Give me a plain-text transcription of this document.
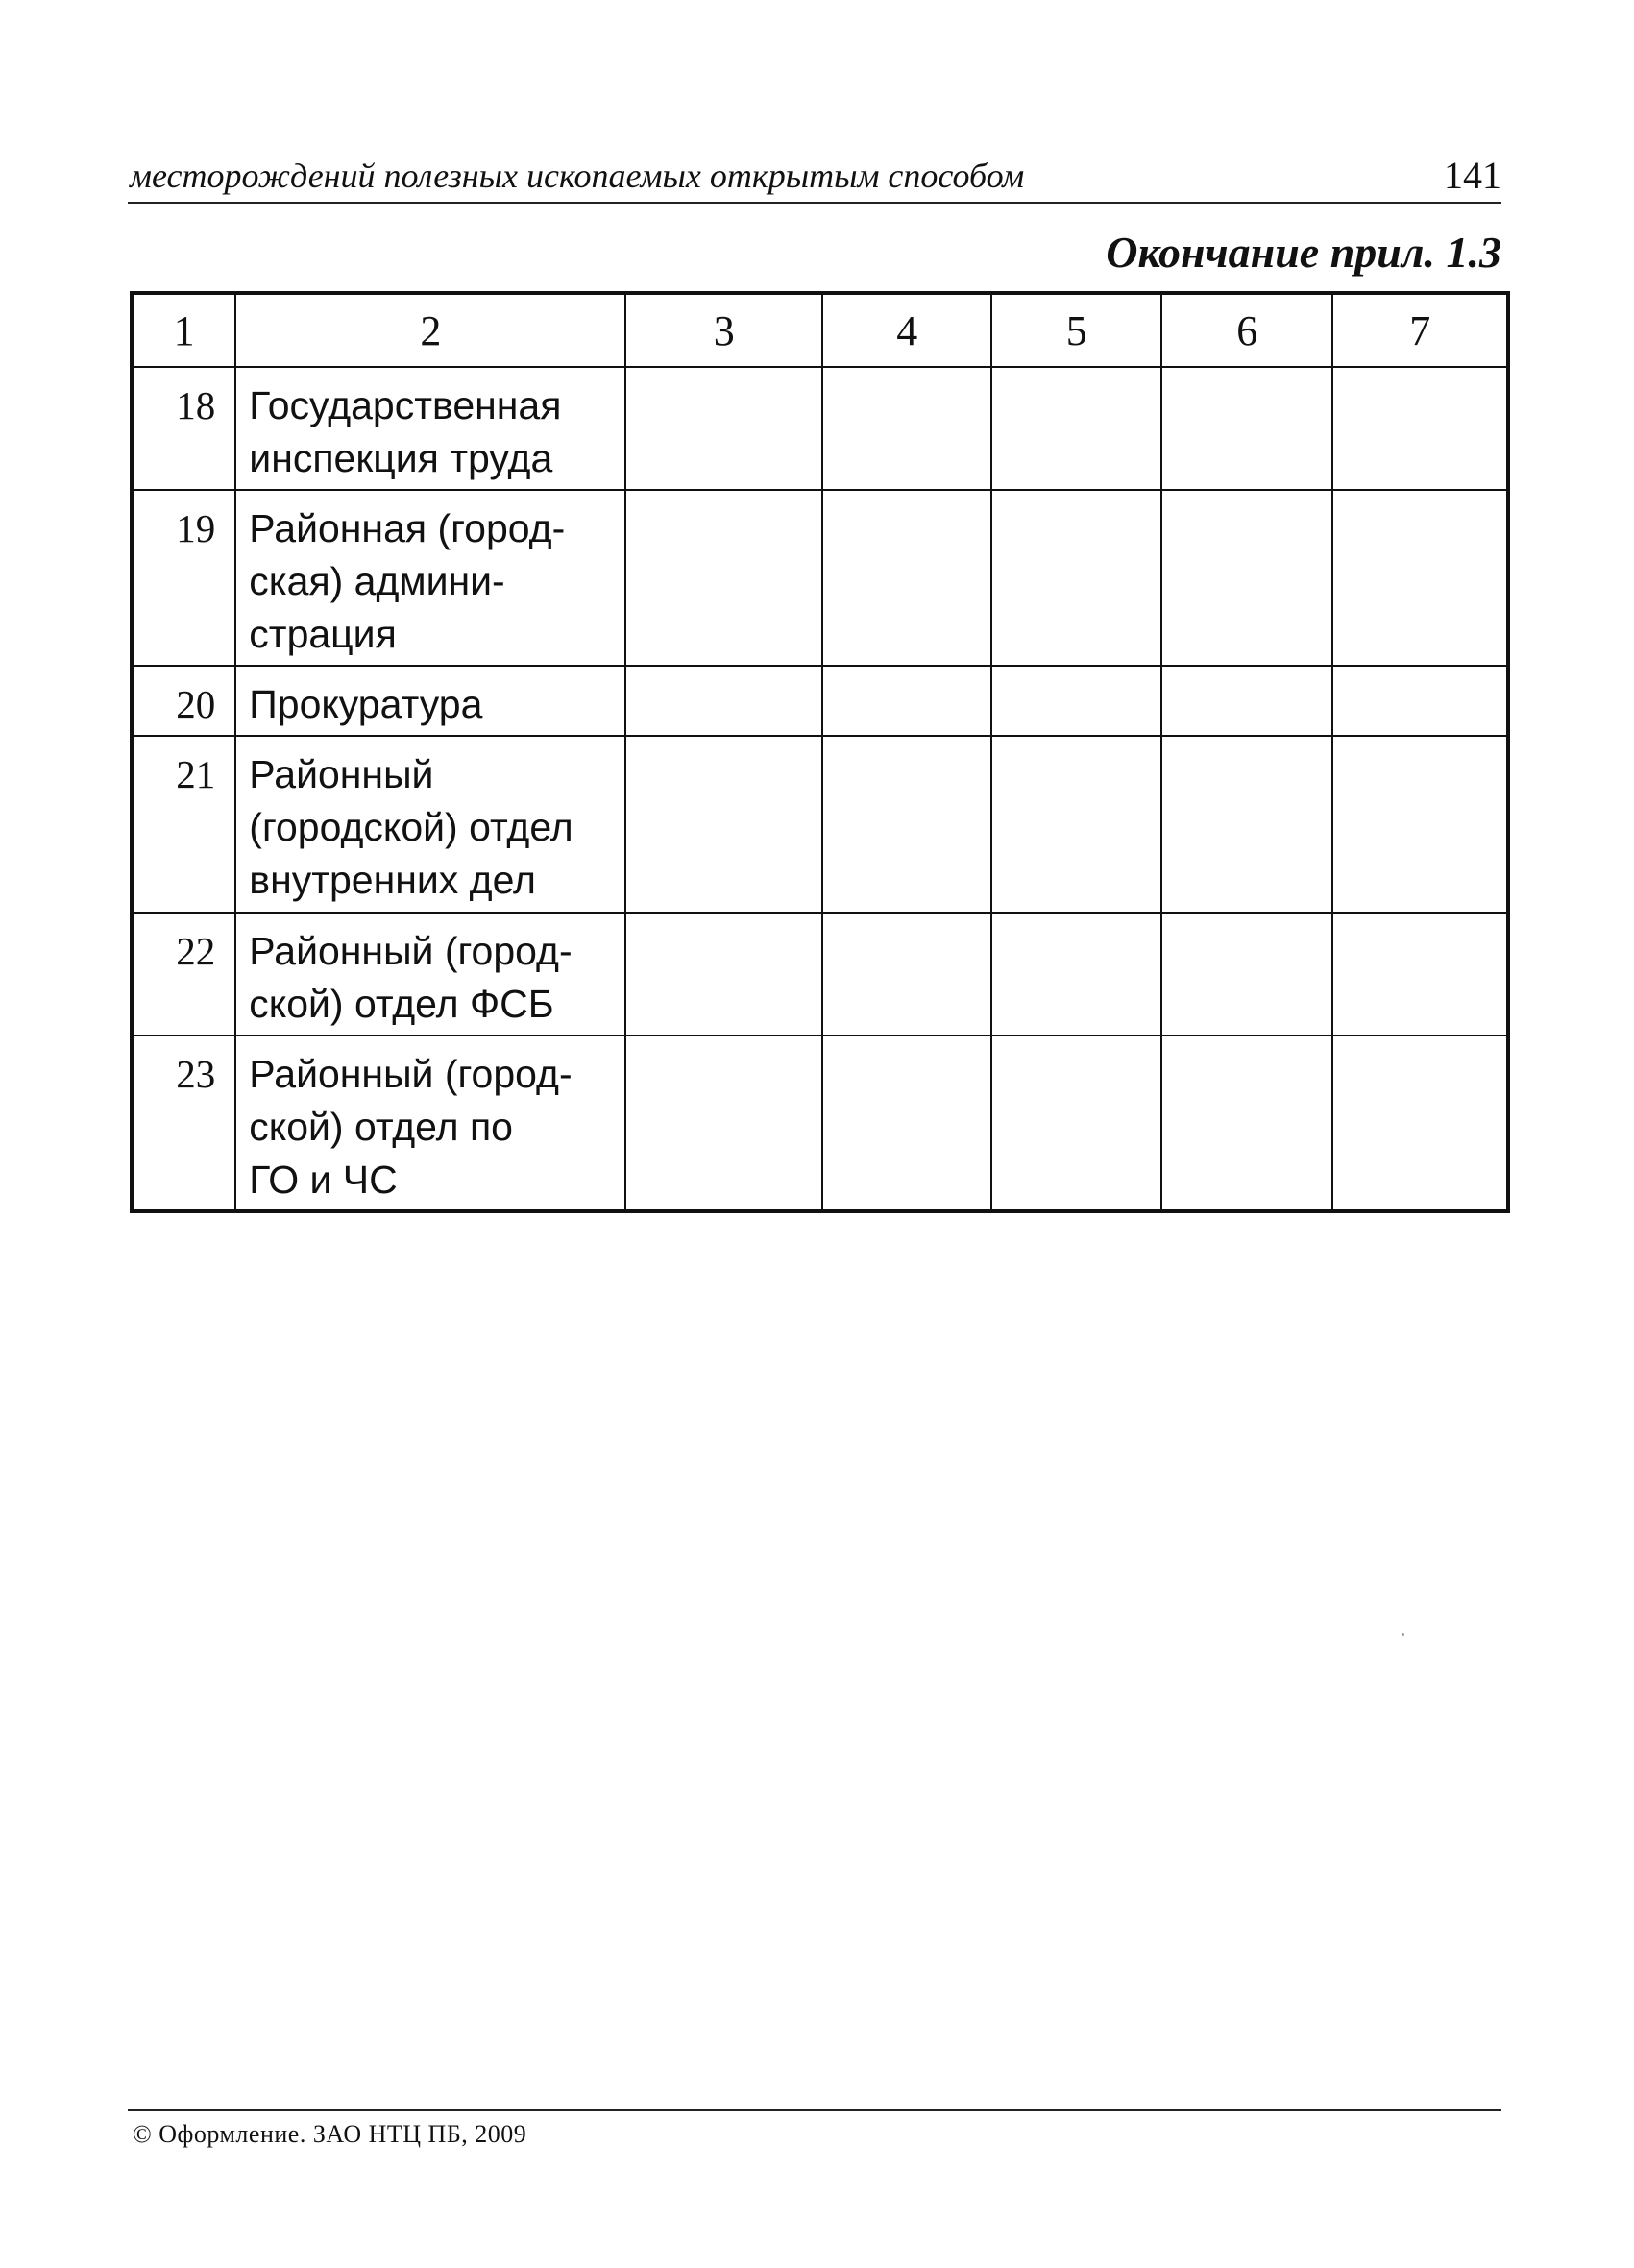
месторождений полезных ископаемых открытым способом	141
Окончание прил. 1.3
1	2	3	4	5	6	7
18	Государственная
инспекция труда					
19	Районная (город-
ская) админи-
страция					
20	Прокуратура					
21	Районный
(городской) отдел
внутренних дел					
22	Районный (город-
ской) отдел ФСБ					
23	Районный (город-
ской) отдел по
ГО и ЧС					
© Оформление. ЗАО НТЦ ПБ, 2009
